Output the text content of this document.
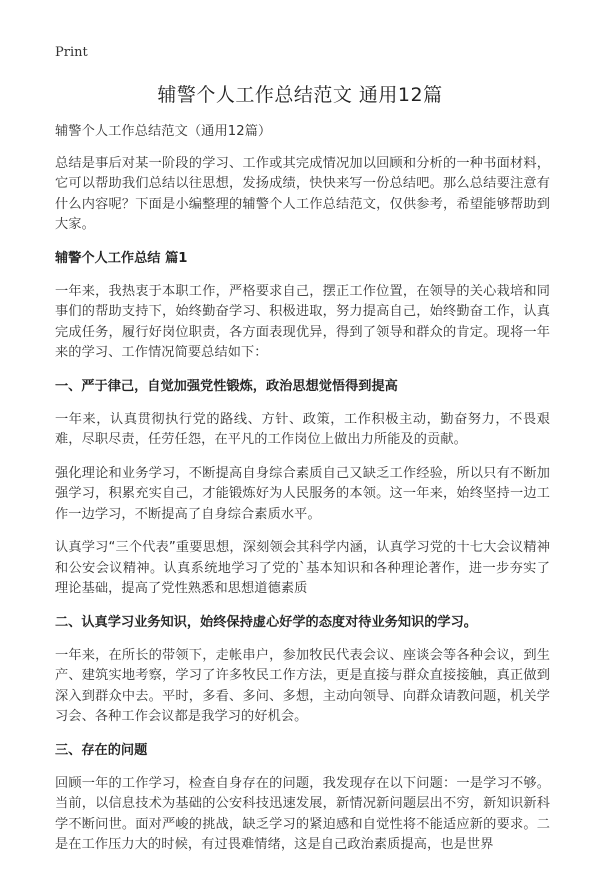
Print

辅警个人工作总结范文 通用12篇

辅警个人工作总结范文（通用12篇）

总结是事后对某一阶段的学习、工作或其完成情况加以回顾和分析的一种书面材料，它可以帮助我们总结以往思想，发扬成绩，快快来写一份总结吧。那么总结要注意有什么内容呢？下面是小编整理的辅警个人工作总结范文，仅供参考，希望能够帮助到大家。

辅警个人工作总结 篇1

一年来，我热衷于本职工作，严格要求自己，摆正工作位置，在领导的关心栽培和同事们的帮助支持下，始终勤奋学习、积极进取，努力提高自己，始终勤奋工作，认真完成任务，履行好岗位职责，各方面表现优异，得到了领导和群众的肯定。现将一年来的学习、工作情况简要总结如下：

一、严于律己，自觉加强党性锻炼，政治思想觉悟得到提高

一年来，认真贯彻执行党的路线、方针、政策，工作积极主动，勤奋努力，不畏艰难，尽职尽责，任劳任怨，在平凡的工作岗位上做出力所能及的贡献。

强化理论和业务学习，不断提高自身综合素质自己又缺乏工作经验，所以只有不断加强学习，积累充实自己，才能锻炼好为人民服务的本领。这一年来，始终坚持一边工作一边学习，不断提高了自身综合素质水平。

认真学习“三个代表”重要思想，深刻领会其科学内涵，认真学习党的十七大会议精神和公安会议精神。认真系统地学习了党的`基本知识和各种理论著作，进一步夯实了理论基础，提高了党性熟悉和思想道德素质

二、认真学习业务知识，始终保持虚心好学的态度对待业务知识的学习。

一年来，在所长的带领下，走帐串户，参加牧民代表会议、座谈会等各种会议，到生产、建筑实地考察，学习了许多牧民工作方法，更是直接与群众直接接触，真正做到深入到群众中去。平时，多看、多问、多想，主动向领导、向群众请教问题，机关学习会、各种工作会议都是我学习的好机会。

三、存在的问题

回顾一年的工作学习，检查自身存在的问题，我发现存在以下问题：一是学习不够。当前，以信息技术为基础的公安科技迅速发展，新情况新问题层出不穷，新知识新科学不断问世。面对严峻的挑战，缺乏学习的紧迫感和自觉性将不能适应新的要求。二是在工作压力大的时候，有过畏难情绪，这是自己政治素质提高，也是世界
